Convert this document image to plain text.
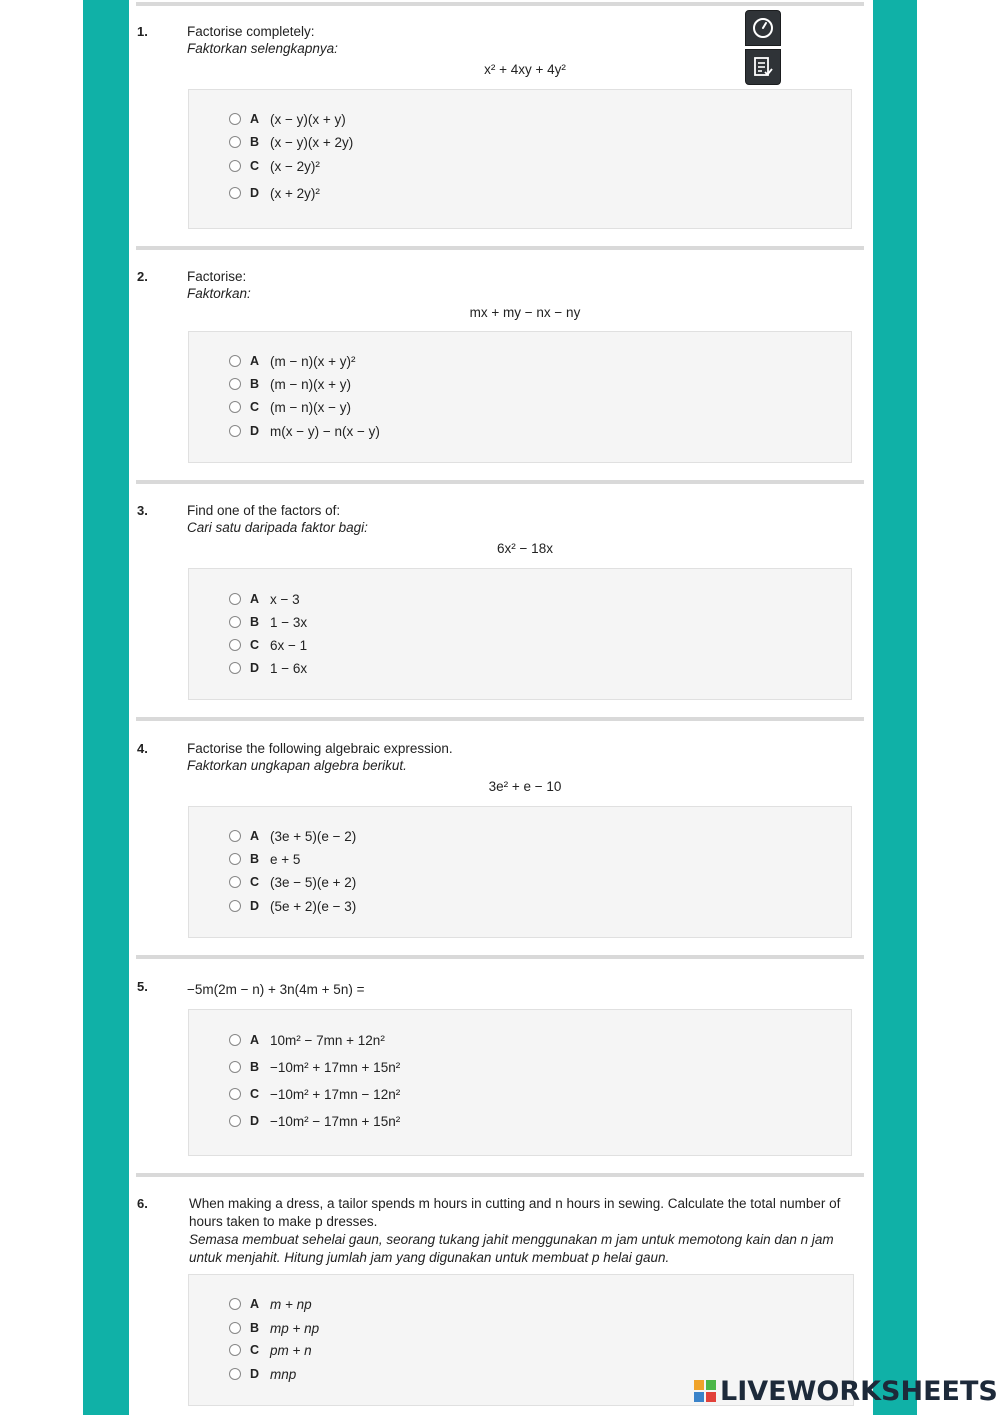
1.	Factorise completely:
Faktorkan selengkapnya:
x² + 4xy + 4y²
A (x − y)(x + y)
B (x − y)(x + 2y)
C (x − 2y)²
D (x + 2y)²
2.	Factorise:
Faktorkan:
mx + my − nx − ny
A (m − n)(x + y)²
B (m − n)(x + y)
C (m − n)(x − y)
D m(x − y) − n(x − y)
3.	Find one of the factors of:
Cari satu daripada faktor bagi:
6x² − 18x
A x − 3
B 1 − 3x
C 6x − 1
D 1 − 6x
4.	Factorise the following algebraic expression.
Faktorkan ungkapan algebra berikut.
3e² + e − 10
A (3e + 5)(e − 2)
B e + 5
C (3e − 5)(e + 2)
D (5e + 2)(e − 3)
5.	−5m(2m − n) + 3n(4m + 5n) =
A 10m² − 7mn + 12n²
B −10m² + 17mn + 15n²
C −10m² + 17mn − 12n²
D −10m² − 17mn + 15n²
6.	When making a dress, a tailor spends m hours in cutting and n hours in sewing. Calculate the total number of hours taken to make p dresses.
Semasa membuat sehelai gaun, seorang tukang jahit menggunakan m jam untuk memotong kain dan n jam untuk menjahit. Hitung jumlah jam yang digunakan untuk membuat p helai gaun.
A m + np
B mp + np
C pm + n
D mnp
LIVEWORKSHEETS
